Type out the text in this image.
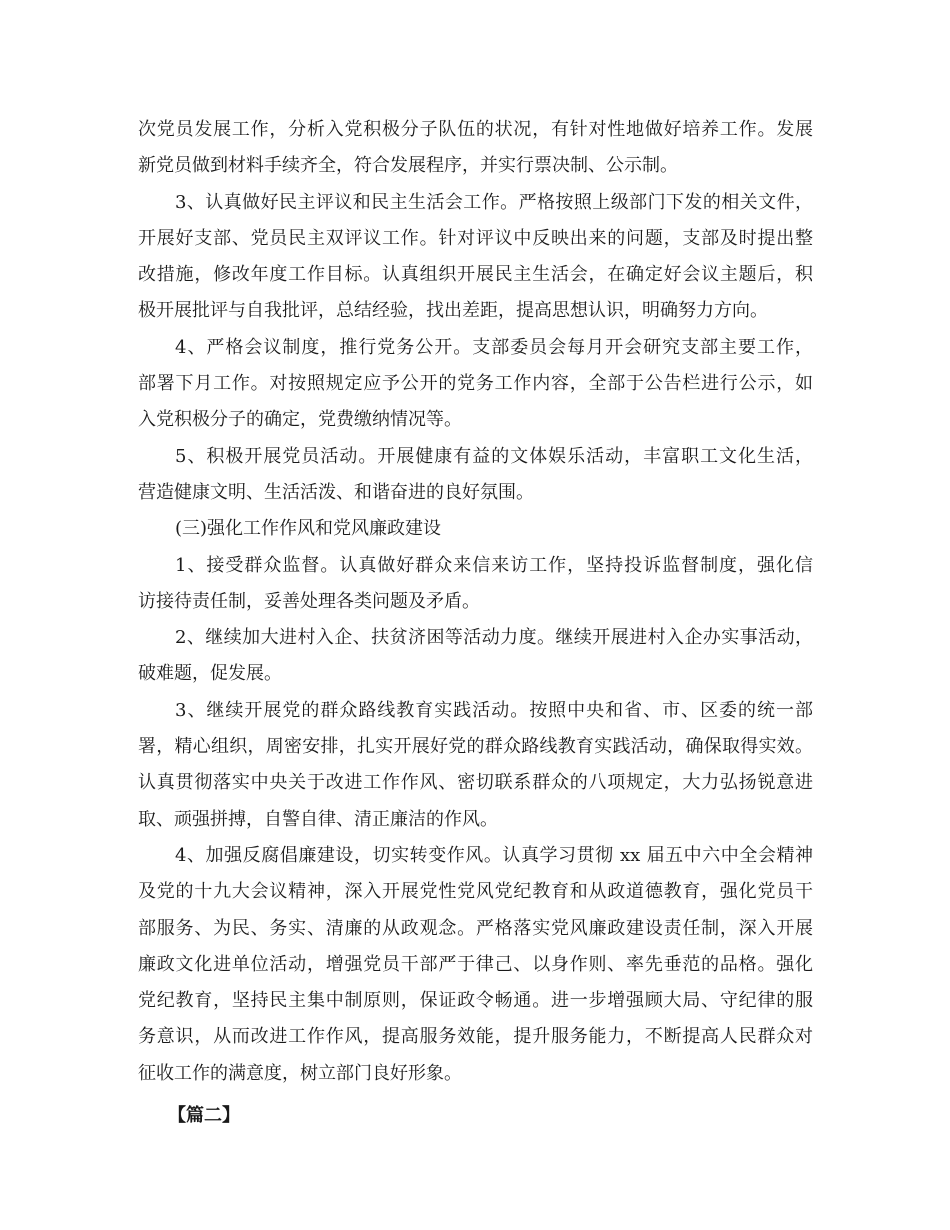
次党员发展工作，分析入党积极分子队伍的状况，有针对性地做好培养工作。发展
新党员做到材料手续齐全，符合发展程序，并实行票决制、公示制。
3、认真做好民主评议和民主生活会工作。严格按照上级部门下发的相关文件，
开展好支部、党员民主双评议工作。针对评议中反映出来的问题，支部及时提出整
改措施，修改年度工作目标。认真组织开展民主生活会，在确定好会议主题后，积
极开展批评与自我批评，总结经验，找出差距，提高思想认识，明确努力方向。
4、严格会议制度，推行党务公开。支部委员会每月开会研究支部主要工作，
部署下月工作。对按照规定应予公开的党务工作内容，全部于公告栏进行公示，如
入党积极分子的确定，党费缴纳情况等。
5、积极开展党员活动。开展健康有益的文体娱乐活动，丰富职工文化生活，
营造健康文明、生活活泼、和谐奋进的良好氛围。
(三)强化工作作风和党风廉政建设
1、接受群众监督。认真做好群众来信来访工作，坚持投诉监督制度，强化信
访接待责任制，妥善处理各类问题及矛盾。
2、继续加大进村入企、扶贫济困等活动力度。继续开展进村入企办实事活动，
破难题，促发展。
3、继续开展党的群众路线教育实践活动。按照中央和省、市、区委的统一部
署，精心组织，周密安排，扎实开展好党的群众路线教育实践活动，确保取得实效。
认真贯彻落实中央关于改进工作作风、密切联系群众的八项规定，大力弘扬锐意进
取、顽强拼搏，自警自律、清正廉洁的作风。
4、加强反腐倡廉建设，切实转变作风。认真学习贯彻 xx 届五中六中全会精神
及党的十九大会议精神，深入开展党性党风党纪教育和从政道德教育，强化党员干
部服务、为民、务实、清廉的从政观念。严格落实党风廉政建设责任制，深入开展
廉政文化进单位活动，增强党员干部严于律己、以身作则、率先垂范的品格。强化
党纪教育，坚持民主集中制原则，保证政令畅通。进一步增强顾大局、守纪律的服
务意识，从而改进工作作风，提高服务效能，提升服务能力，不断提高人民群众对
征收工作的满意度，树立部门良好形象。
【篇二】
